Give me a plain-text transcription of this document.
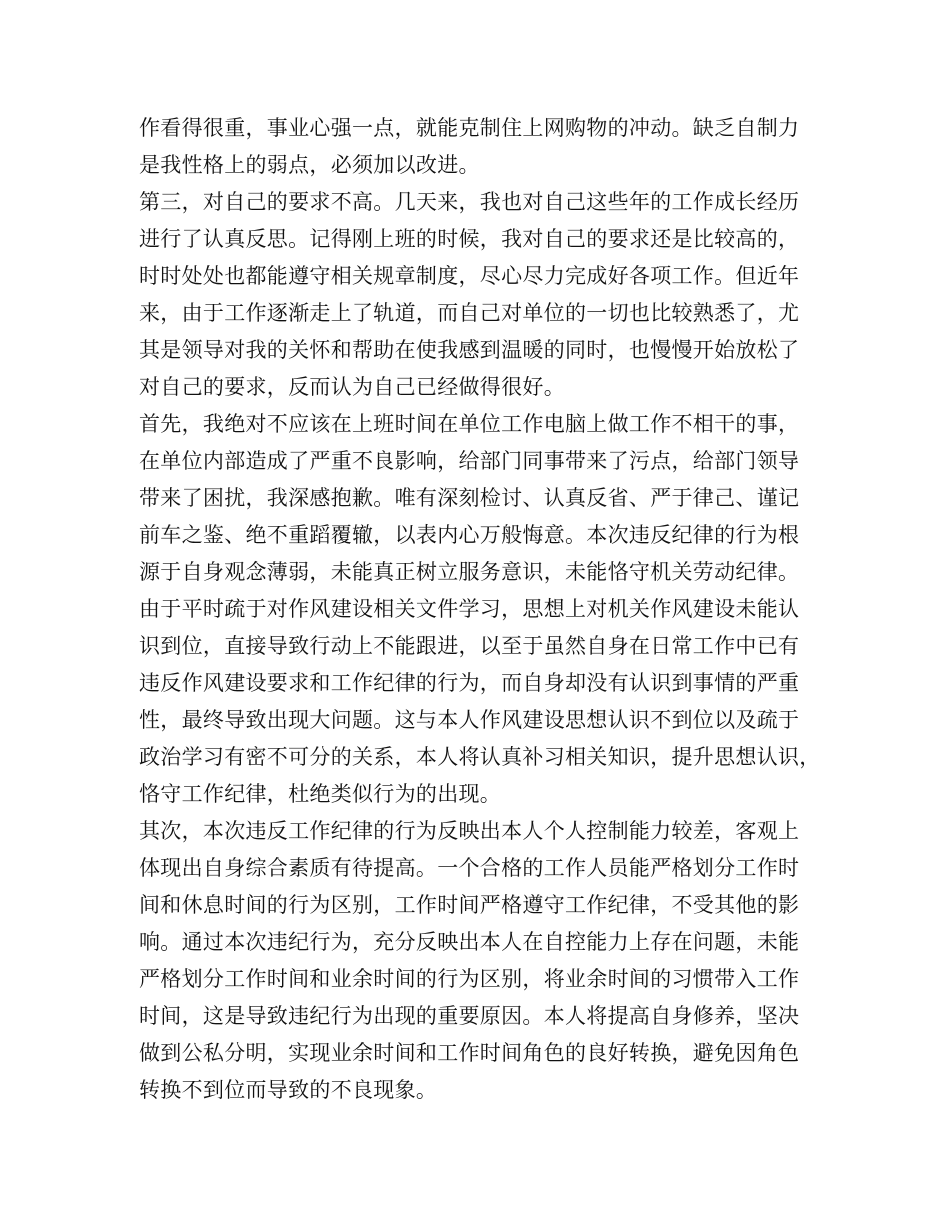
作看得很重，事业心强一点，就能克制住上网购物的冲动。缺乏自制力
是我性格上的弱点，必须加以改进。
第三，对自己的要求不高。几天来，我也对自己这些年的工作成长经历
进行了认真反思。记得刚上班的时候，我对自己的要求还是比较高的，
时时处处也都能遵守相关规章制度，尽心尽力完成好各项工作。但近年
来，由于工作逐渐走上了轨道，而自己对单位的一切也比较熟悉了，尤
其是领导对我的关怀和帮助在使我感到温暖的同时，也慢慢开始放松了
对自己的要求，反而认为自己已经做得很好。
首先，我绝对不应该在上班时间在单位工作电脑上做工作不相干的事，
在单位内部造成了严重不良影响，给部门同事带来了污点，给部门领导
带来了困扰，我深感抱歉。唯有深刻检讨、认真反省、严于律己、谨记
前车之鉴、绝不重蹈覆辙，以表内心万般悔意。本次违反纪律的行为根
源于自身观念薄弱，未能真正树立服务意识，未能恪守机关劳动纪律。
由于平时疏于对作风建设相关文件学习，思想上对机关作风建设未能认
识到位，直接导致行动上不能跟进，以至于虽然自身在日常工作中已有
违反作风建设要求和工作纪律的行为，而自身却没有认识到事情的严重
性，最终导致出现大问题。这与本人作风建设思想认识不到位以及疏于
政治学习有密不可分的关系，本人将认真补习相关知识，提升思想认识，
恪守工作纪律，杜绝类似行为的出现。
其次，本次违反工作纪律的行为反映出本人个人控制能力较差，客观上
体现出自身综合素质有待提高。一个合格的工作人员能严格划分工作时
间和休息时间的行为区别，工作时间严格遵守工作纪律，不受其他的影
响。通过本次违纪行为，充分反映出本人在自控能力上存在问题，未能
严格划分工作时间和业余时间的行为区别，将业余时间的习惯带入工作
时间，这是导致违纪行为出现的重要原因。本人将提高自身修养，坚决
做到公私分明，实现业余时间和工作时间角色的良好转换，避免因角色
转换不到位而导致的不良现象。
